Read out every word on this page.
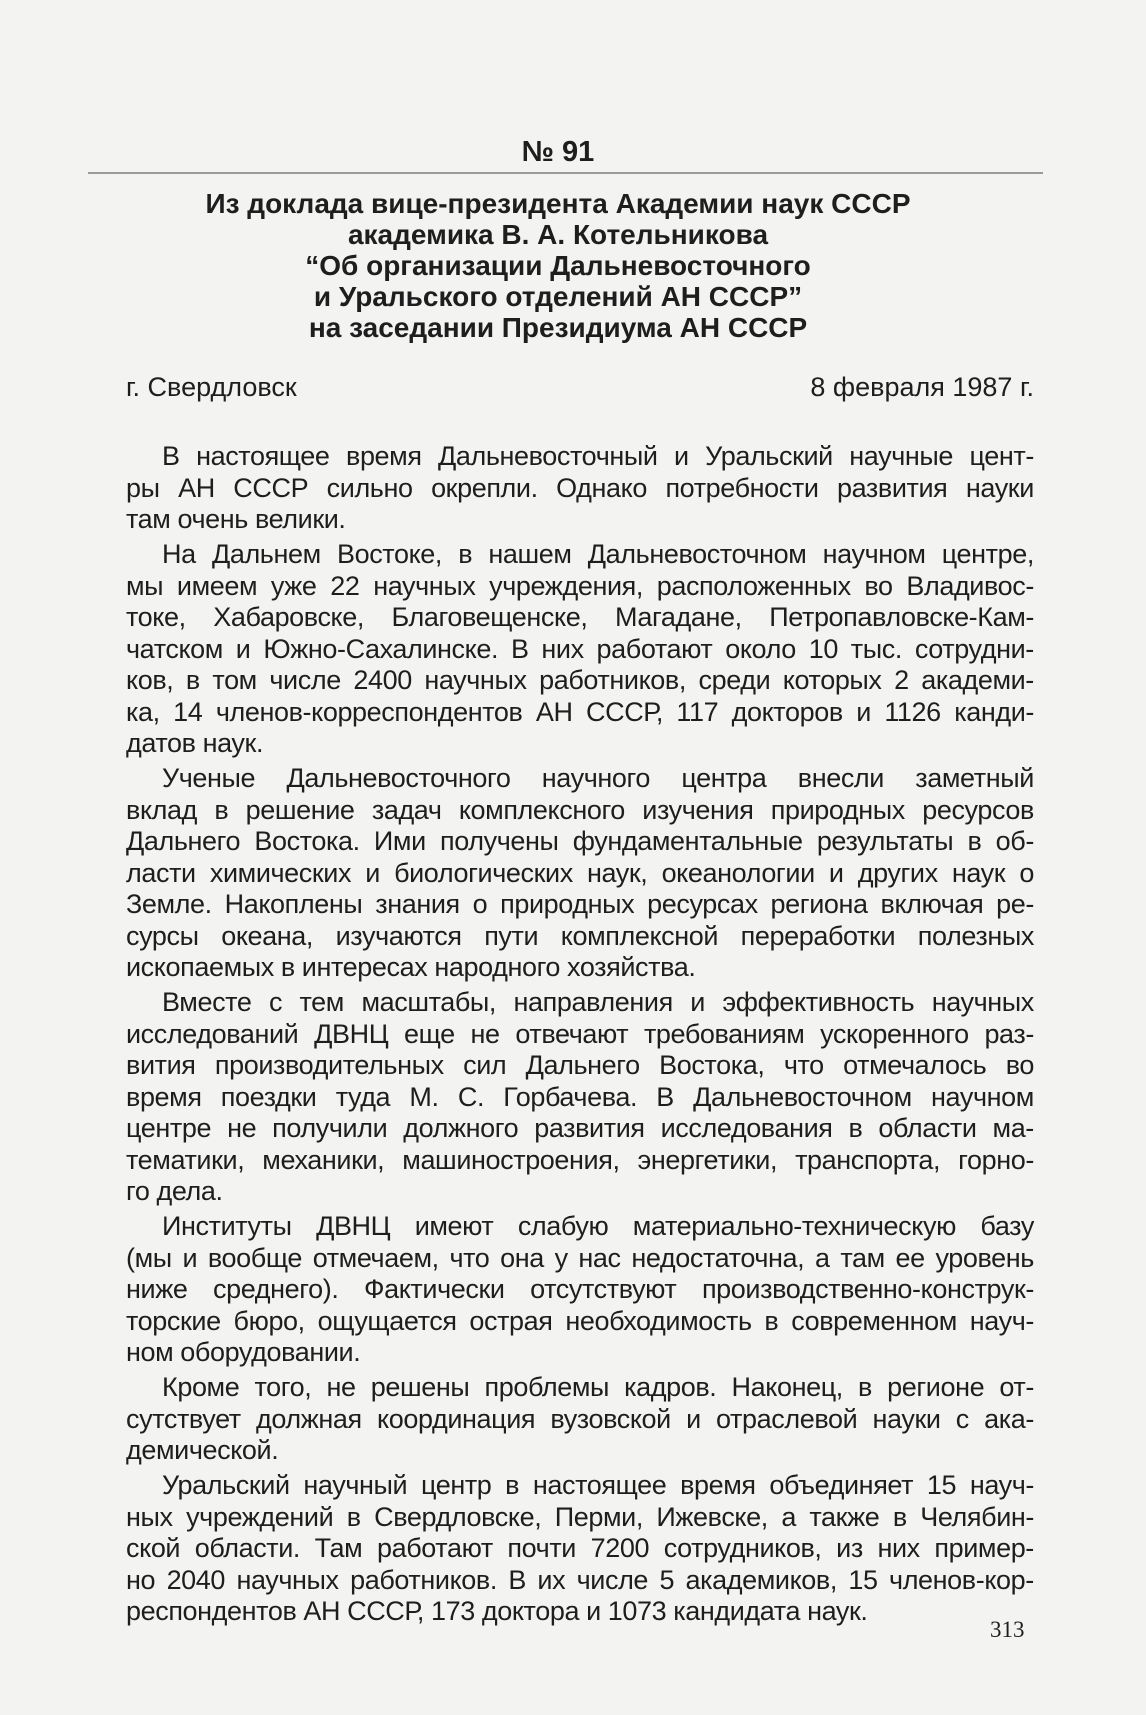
№ 91
Из доклада вице-президента Академии наук СССР
академика В. А. Котельникова
“Об организации Дальневосточного
и Уральского отделений АН СССР”
на заседании Президиума АН СССР
г. Свердловск	8 февраля 1987 г.
В настоящее время Дальневосточный и Уральский научные цент-
ры АН СССР сильно окрепли. Однако потребности развития науки
там очень велики.
На Дальнем Востоке, в нашем Дальневосточном научном центре,
мы имеем уже 22 научных учреждения, расположенных во Владивос-
токе, Хабаровске, Благовещенске, Магадане, Петропавловске-Кам-
чатском и Южно-Сахалинске. В них работают около 10 тыс. сотрудни-
ков, в том числе 2400 научных работников, среди которых 2 академи-
ка, 14 членов-корреспондентов АН СССР, 117 докторов и 1126 канди-
датов наук.
Ученые Дальневосточного научного центра внесли заметный
вклад в решение задач комплексного изучения природных ресурсов
Дальнего Востока. Ими получены фундаментальные результаты в об-
ласти химических и биологических наук, океанологии и других наук о
Земле. Накоплены знания о природных ресурсах региона включая ре-
сурсы океана, изучаются пути комплексной переработки полезных
ископаемых в интересах народного хозяйства.
Вместе с тем масштабы, направления и эффективность научных
исследований ДВНЦ еще не отвечают требованиям ускоренного раз-
вития производительных сил Дальнего Востока, что отмечалось во
время поездки туда М. С. Горбачева. В Дальневосточном научном
центре не получили должного развития исследования в области ма-
тематики, механики, машиностроения, энергетики, транспорта, горно-
го дела.
Институты ДВНЦ имеют слабую материально-техническую базу
(мы и вообще отмечаем, что она у нас недостаточна, а там ее уровень
ниже среднего). Фактически отсутствуют производственно-конструк-
торские бюро, ощущается острая необходимость в современном науч-
ном оборудовании.
Кроме того, не решены проблемы кадров. Наконец, в регионе от-
сутствует должная координация вузовской и отраслевой науки с ака-
демической.
Уральский научный центр в настоящее время объединяет 15 науч-
ных учреждений в Свердловске, Перми, Ижевске, а также в Челябин-
ской области. Там работают почти 7200 сотрудников, из них пример-
но 2040 научных работников. В их числе 5 академиков, 15 членов-кор-
респондентов АН СССР, 173 доктора и 1073 кандидата наук.
313
